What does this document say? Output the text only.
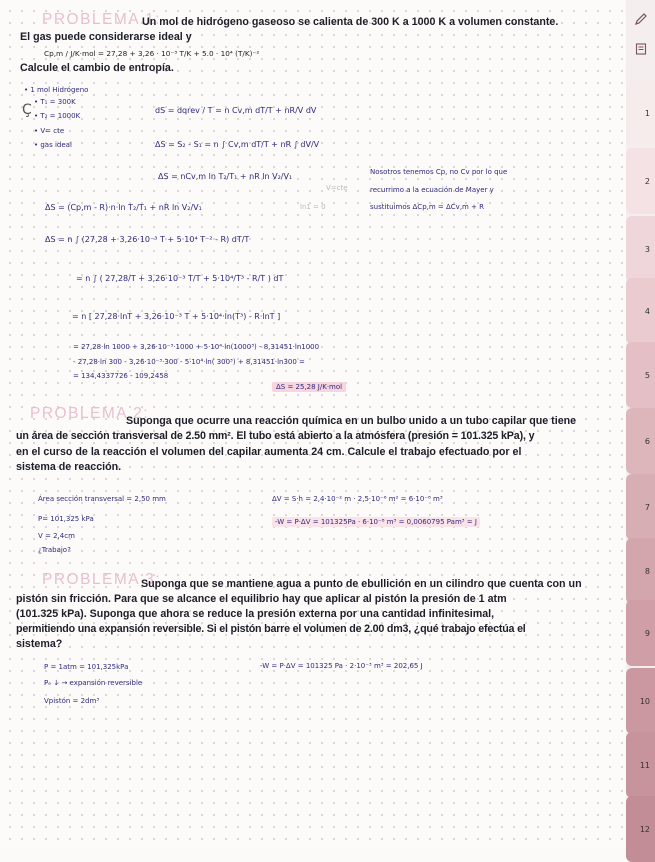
PROBLEMA 1:
Un mol de hidrógeno gaseoso se calienta de 300 K a 1000 K a volumen constante.
El gas puede considerarse ideal y
Cp,m / J/K·mol = 27,28 + 3,26 · 10⁻³ T/K + 5.0 · 10⁴ (T/K)⁻²
Calcule el cambio de entropía.
• 1 mol Hidrógeno
• T₁ = 300K
• T₂ = 1000K
• V= cte
• gas ideal
Ç	dS = dqrev / T = n Cv,m dT/T + nR/V dV
ΔS = S₂ - S₁ = n ∫ Cv,m dT/T + nR ∫ dV/V
ΔS = nCv,m ln T₂/T₁ + nR ln V₂/V₁	Nosotros tenemos Cp, no Cv por lo que
recurrimo a la ecuación de Mayer y
sustituimos ΔCp,m = ΔCv,m + R
V=cte
ΔS = (Cp,m - R)·n·ln T₂/T₁ + nR ln V₂/V₁	ln1 = 0
ΔS = n ∫ (27,28 + 3,26·10⁻³ T + 5·10⁴ T⁻² - R) dT/T
= n ∫ ( 27,28/T + 3,26·10⁻³ T/T + 5·10⁴/T³ - R/T ) dT
= n [ 27,28·lnT + 3,26·10⁻³ T + 5·10⁴·ln(T³) - R·lnT ]
= 27,28·ln 1000 + 3,26·10⁻³·1000 + 5·10⁴·ln(1000³) - 8,31451·ln1000
- 27,28·ln 300 - 3,26·10⁻³·300 - 5·10⁴·ln( 300³) + 8,31451·ln300 =
= 134,4337726 - 109,2458
ΔS = 25,28 J/K·mol
PROBLEMA 2:
Suponga que ocurre una reacción química en un bulbo unido a un tubo capilar que tiene
un área de sección transversal de 2.50 mm². El tubo está abierto a la atmósfera (presión = 101.325 kPa), y
en el curso de la reacción el volumen del capilar aumenta 24 cm. Calcule el trabajo efectuado por el
sistema de reacción.
Área sección transversal = 2,50 mm
P= 101,325 kPa
V = 2,4cm
¿Trabajo?
ΔV = S·h = 2,4·10⁻² m · 2,5·10⁻⁶ m² = 6·10⁻⁸ m³
-W = P·ΔV = 101325Pa · 6·10⁻⁸ m³ = 0,0060795 Pam³ = J
PROBLEMA 3:
Suponga que se mantiene agua a punto de ebullición en un cilindro que cuenta con un
pistón sin fricción. Para que se alcance el equilibrio hay que aplicar al pistón la presión de 1 atm
(101.325 kPa). Suponga que ahora se reduce la presión externa por una cantidad infinitesimal,
permitiendo una expansión reversible. Si el pistón barre el volumen de 2.00 dm3, ¿qué trabajo efectúa el
sistema?
P = 1atm = 101,325kPa
Pₑ ↓ → expansión reversible
Vpistón = 2dm³
-W = P·ΔV = 101325 Pa · 2·10⁻³ m³ = 202,65 J
1
2
3
4
5
6
7
8
9
10
11
12
